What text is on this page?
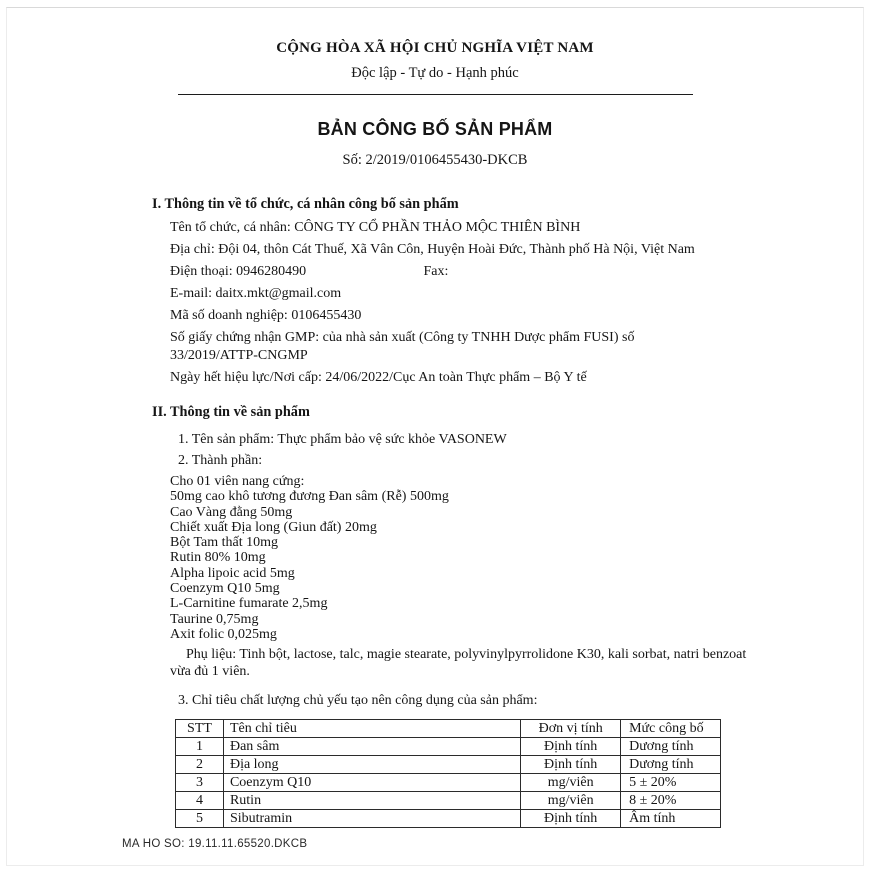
CỘNG HÒA XÃ HỘI CHỦ NGHĨA VIỆT NAM
Độc lập - Tự do - Hạnh phúc
BẢN CÔNG BỐ SẢN PHẨM
Số: 2/2019/0106455430-DKCB
I. Thông tin về tổ chức, cá nhân công bố sản phẩm

Tên tổ chức, cá nhân: CÔNG TY CỔ PHẦN THẢO MỘC THIÊN BÌNH

Địa chỉ: Đội 04, thôn Cát Thuế, Xã Vân Côn, Huyện Hoài Đức, Thành phố Hà Nội, Việt Nam

Điện thoại: 0946280490	Fax:

E-mail: daitx.mkt@gmail.com

Mã số doanh nghiệp: 0106455430

Số giấy chứng nhận GMP: của nhà sản xuất (Công ty TNHH Dược phẩm FUSI) số 33/2019/ATTP-CNGMP

Ngày hết hiệu lực/Nơi cấp: 24/06/2022/Cục An toàn Thực phẩm – Bộ Y tế

II. Thông tin về sản phẩm

1. Tên sản phẩm: Thực phẩm bảo vệ sức khỏe VASONEW

2. Thành phần:

Cho 01 viên nang cứng:
50mg cao khô tương đương Đan sâm (Rễ) 500mg
Cao Vàng đằng 50mg
Chiết xuất Địa long (Giun đất) 20mg
Bột Tam thất 10mg
Rutin 80% 10mg
Alpha lipoic acid 5mg
Coenzym Q10 5mg
L-Carnitine fumarate 2,5mg
Taurine 0,75mg
Axit folic 0,025mg

Phụ liệu: Tinh bột, lactose, talc, magie stearate, polyvinylpyrrolidone K30, kali sorbat, natri benzoat vừa đủ 1 viên.

3. Chỉ tiêu chất lượng chủ yếu tạo nên công dụng của sản phẩm:

STT	Tên chỉ tiêu	Đơn vị tính	Mức công bố
1	Đan sâm	Định tính	Dương tính
2	Địa long	Định tính	Dương tính
3	Coenzym Q10	mg/viên	5 ± 20%
4	Rutin	mg/viên	8 ± 20%
5	Sibutramin	Định tính	Âm tính
MA HO SO: 19.11.11.65520.DKCB
